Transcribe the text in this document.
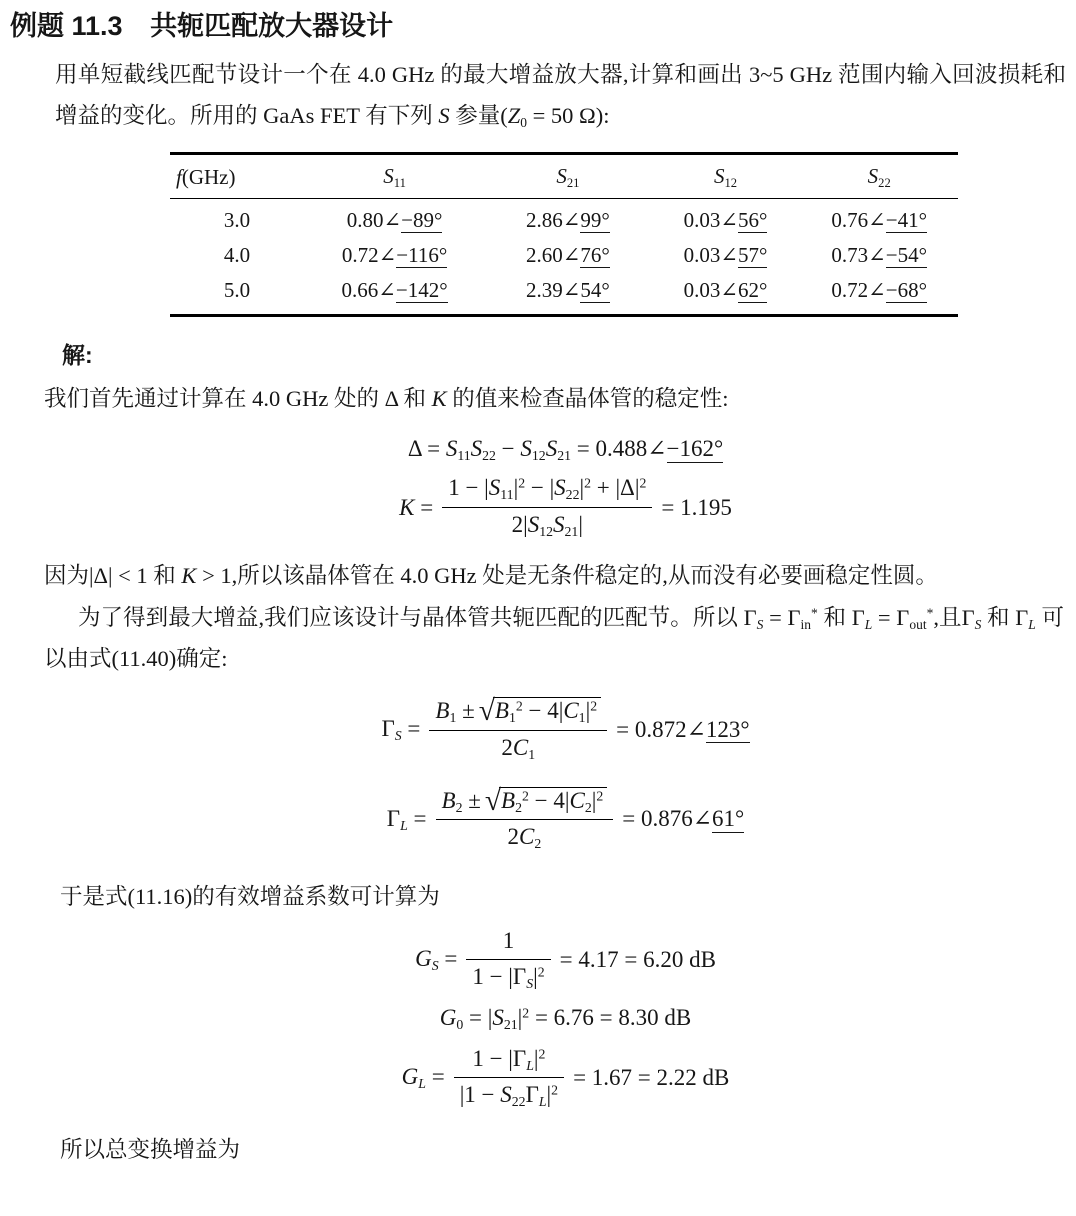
例题 11.3 共轭匹配放大器设计

用单短截线匹配节设计一个在 4.0 GHz 的最大增益放大器,计算和画出 3~5 GHz 范围内输入回波损耗和增益的变化。所用的 GaAs FET 有下列 S 参量($Z_0 = 50$ Ω):

f(GHz)	$S_{11}$	$S_{21}$	$S_{12}$	$S_{22}$
3.0	0.80∠−89°	2.86∠99°	0.03∠56°	0.76∠−41°
4.0	0.72∠−116°	2.60∠76°	0.03∠57°	0.73∠−54°
5.0	0.66∠−142°	2.39∠54°	0.03∠62°	0.72∠−68°
解:

我们首先通过计算在 4.0 GHz 处的 Δ 和 K 的值来检查晶体管的稳定性:

$\Delta = S_{11}S_{22} - S_{12}S_{21}$ = 0.488∠−162°
$K = \frac{1 - |S_{11}|^2 - |S_{22}|^2 + |\Delta|^2}{2|S_{12}S_{21}|} = 1.195$

因为|Δ| < 1 和 K > 1,所以该晶体管在 4.0 GHz 处是无条件稳定的,从而没有必要画稳定性圆。

为了得到最大增益,我们应该设计与晶体管共轭匹配的匹配节。所以 $\Gamma_S = \Gamma_{in}^*$ 和 $\Gamma_L = \Gamma_{out}^*$,且$\Gamma_S$ 和 $\Gamma_L$ 可以由式(11.40)确定:

$\Gamma_S = \frac{B_1 \pm √B_1^2 - 4|C_1|^2}{2C_1}$ = 0.872∠123°
$\Gamma_L = \frac{B_2 \pm √B_2^2 - 4|C_2|^2}{2C_2}$ = 0.876∠61°

于是式(11.16)的有效增益系数可计算为

$G_S = \frac{1}{1 - |\Gamma_S|^2} = 4.17 = 6.20$ dB
$G_0 = |S_{21}|^2 = 6.76 = 8.30$ dB
$G_L = \frac{1 - |\Gamma_L|^2}{|1 - S_{22}\Gamma_L|^2} = 1.67 = 2.22$ dB

所以总变换增益为
